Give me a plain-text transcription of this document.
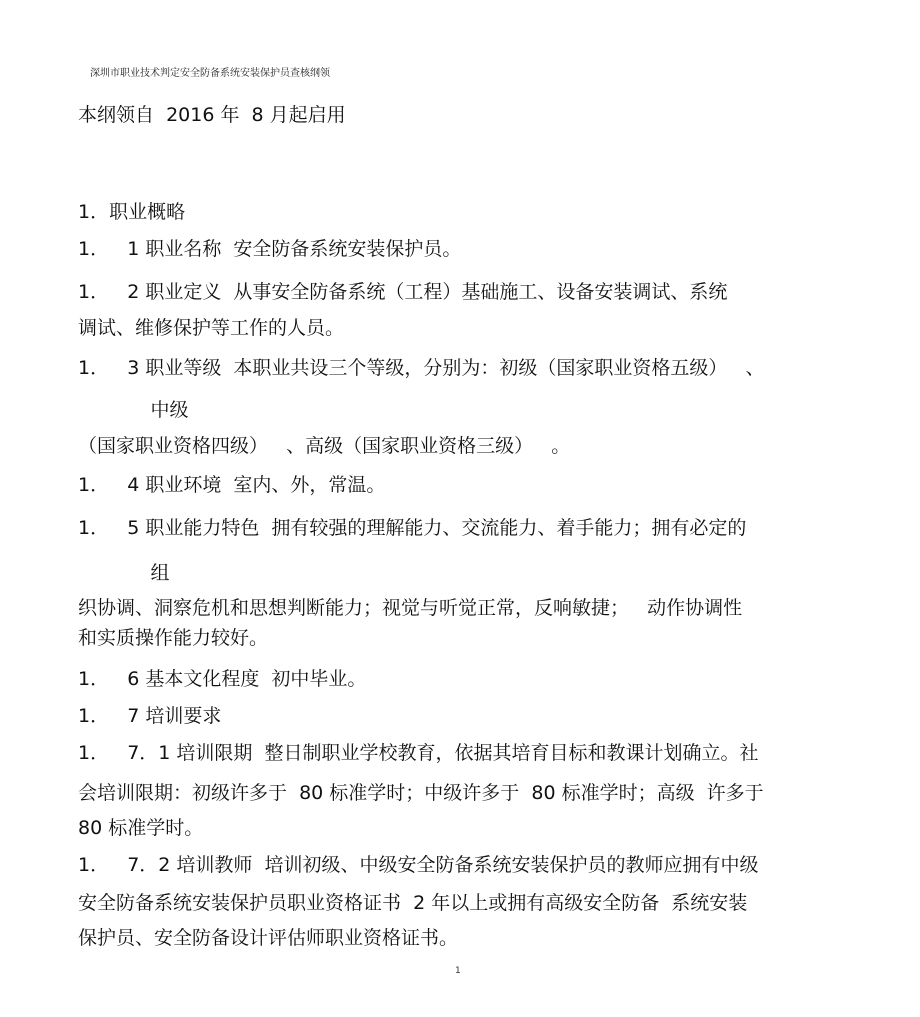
深圳市职业技术判定安全防备系统安装保护员查核纲领
本纲领自  2016 年  8 月起启用
1．职业概略
1．   1 职业名称  安全防备系统安装保护员。
1．   2 职业定义  从事安全防备系统（工程）基础施工、设备安装调试、系统
调试、维修保护等工作的人员。
1．   3 职业等级  本职业共设三个等级，分别为：初级（国家职业资格五级）   、
中级
（国家职业资格四级）   、高级（国家职业资格三级）   。
1．   4 职业环境  室内、外，常温。
1．   5 职业能力特色  拥有较强的理解能力、交流能力、着手能力；拥有必定的
组
织协调、洞察危机和思想判断能力；视觉与听觉正常，反响敏捷；   动作协调性
和实质操作能力较好。
1．   6 基本文化程度  初中毕业。
1．   7 培训要求
1．   7．1 培训限期  整日制职业学校教育，依据其培育目标和教课计划确立。社
会培训限期：初级许多于  80 标准学时；中级许多于  80 标准学时；高级  许多于
80 标准学时。
1．   7．2 培训教师  培训初级、中级安全防备系统安装保护员的教师应拥有中级
安全防备系统安装保护员职业资格证书  2 年以上或拥有高级安全防备  系统安装
保护员、安全防备设计评估师职业资格证书。
1
